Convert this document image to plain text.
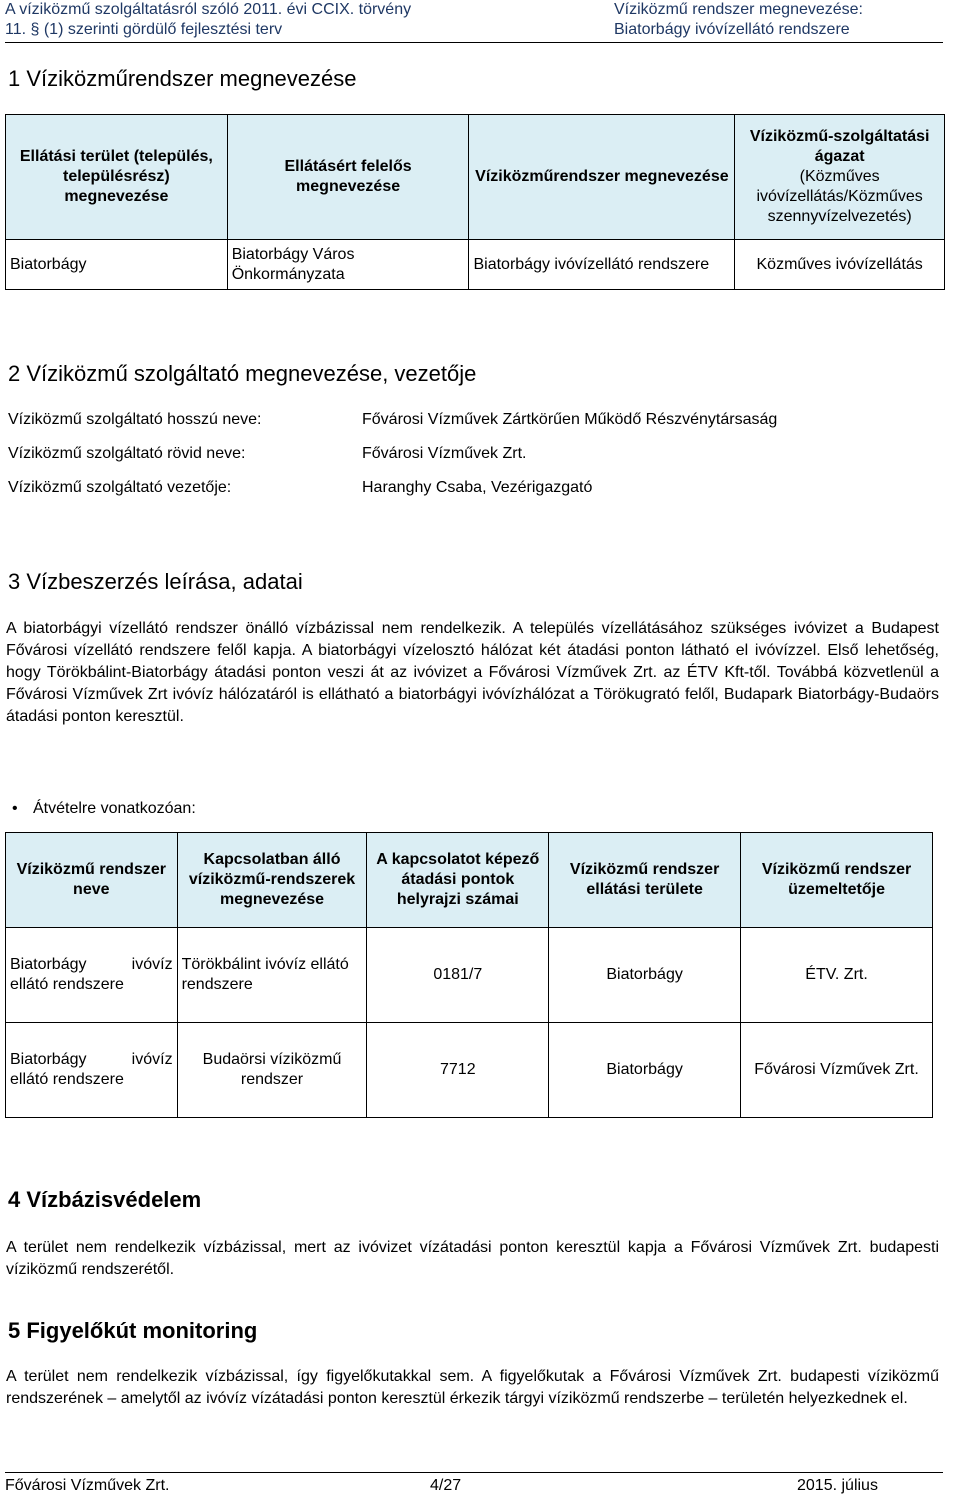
A víziközmű szolgáltatásról szóló 2011. évi CCIX. törvény
11. § (1) szerinti gördülő fejlesztési terv
Víziközmű rendszer megnevezése:
Biatorbágy ivóvízellátó rendszere
1 Víziközműrendszer megnevezése
Ellátási terület (település, településrész) megnevezése	Ellátásért felelős megnevezése	Víziközműrendszer megnevezése	Víziközmű-szolgáltatási ágazat
(Közműves ivóvízellátás/Közműves szennyvízelvezetés)

Biatorbágy	Biatorbágy Város Önkormányzata	Biatorbágy ivóvízellátó rendszere	Közműves ivóvízellátás
2 Víziközmű szolgáltató megnevezése, vezetője
Víziközmű szolgáltató hosszú neve:	Fővárosi Vízművek Zártkörűen Működő Részvénytársaság
Víziközmű szolgáltató rövid neve:	Fővárosi Vízművek Zrt.
Víziközmű szolgáltató vezetője:	Haranghy Csaba, Vezérigazgató
3 Vízbeszerzés leírása, adatai
A biatorbágyi vízellátó rendszer önálló vízbázissal nem rendelkezik. A település vízellátásához szükséges ivóvizet a Budapest Fővárosi vízellátó rendszere felől kapja. A biatorbágyi vízelosztó hálózat két átadási ponton látható el ivóvízzel. Első lehetőség, hogy Törökbálint-Biatorbágy átadási ponton veszi át az ivóvizet a Fővárosi Vízművek Zrt. az ÉTV Kft-től. Továbbá közvetlenül a Fővárosi Vízművek Zrt ivóvíz hálózatáról is ellátható a biatorbágyi ivóvízhálózat a Törökugrató felől, Budapark Biatorbágy-Budaörs átadási ponton keresztül.
• Átvételre vonatkozóan:
Víziközmű rendszer neve	Kapcsolatban álló víziközmű-rendszerek megnevezése	A kapcsolatot képező átadási pontok helyrajzi számai	Víziközmű rendszer ellátási területe	Víziközmű rendszer üzemeltetője
Biatorbágy ivóvíz ellátó rendszere	Törökbálint ivóvíz ellátó rendszere	0181/7	Biatorbágy	ÉTV. Zrt.
Biatorbágy ivóvíz ellátó rendszere	Budaörsi víziközmű rendszer	7712	Biatorbágy	Fővárosi Vízművek Zrt.
4 Vízbázisvédelem
A terület nem rendelkezik vízbázissal, mert az ivóvizet vízátadási ponton keresztül kapja a Fővárosi Vízművek Zrt. budapesti víziközmű rendszerétől.
5 Figyelőkút monitoring
A terület nem rendelkezik vízbázissal, így figyelőkutakkal sem. A figyelőkutak a Fővárosi Vízművek Zrt. budapesti víziközmű rendszerének – amelytől az ivóvíz vízátadási ponton keresztül érkezik tárgyi víziközmű rendszerbe – területén helyezkednek el.
Fővárosi Vízművek Zrt.	4/27	2015. július
